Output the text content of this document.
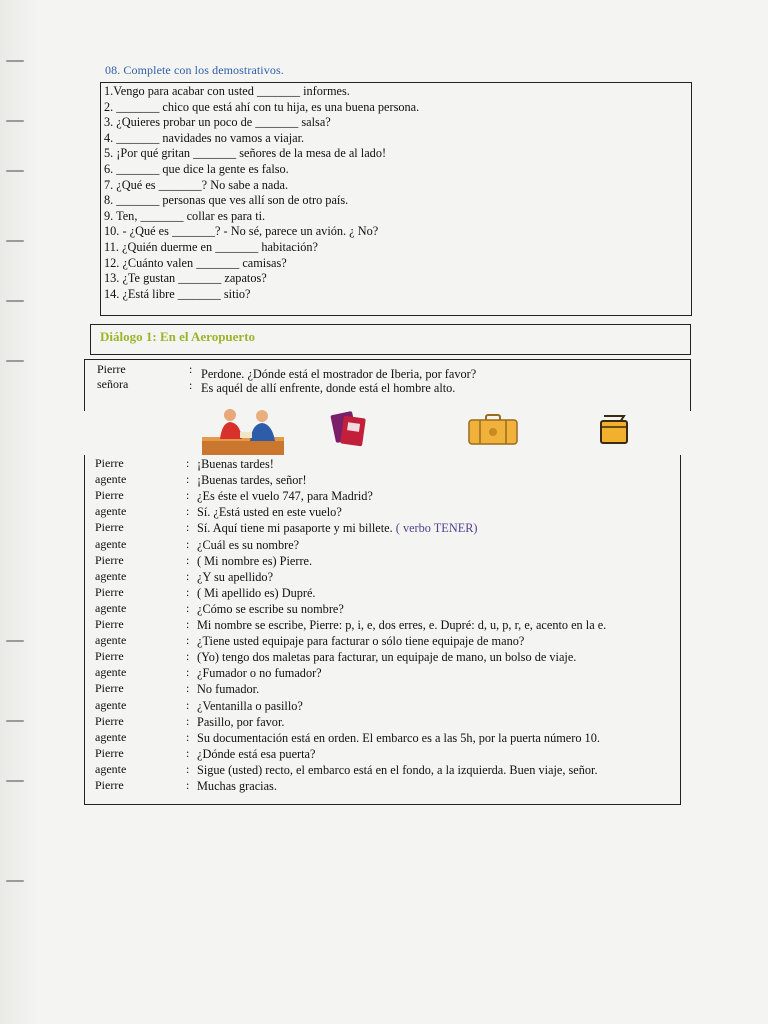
08. Complete con los demostrativos.
1.Vengo para acabar con usted _______ informes.
2. _______ chico que está ahí con tu hija, es una buena persona.
3. ¿Quieres probar un poco de _______ salsa?
4. _______ navidades no vamos a viajar.
5. ¡Por qué gritan _______ señores de la mesa de al lado!
6. _______ que dice la gente es falso.
7. ¿Qué es _______? No sabe a nada.
8. _______ personas que ves allí son de otro país.
9. Ten, _______ collar es para ti.
10. - ¿Qué es _______? - No sé, parece un avión. ¿ No?
11. ¿Quién duerme en _______ habitación?
12. ¿Cuánto valen _______ camisas?
13. ¿Te gustan _______ zapatos?
14. ¿Está libre _______ sitio?
Diálogo 1: En el Aeropuerto
Pierre	: Perdone. ¿Dónde está el mostrador de Iberia, por favor?
señora	: Es aquél de allí enfrente, donde está el hombre alto.
Pierre	: ¡Buenas tardes!
agente	: ¡Buenas tardes, señor!
Pierre	: ¿Es éste el vuelo 747, para Madrid?
agente	: Sí. ¿Está usted en este vuelo?
Pierre	: Sí. Aquí tiene mi pasaporte y mi billete. ( verbo TENER)
agente	: ¿Cuál es su nombre?
Pierre	: ( Mi nombre es) Pierre.
agente	: ¿Y su apellido?
Pierre	: ( Mi apellido es) Dupré.
agente	: ¿Cómo se escribe su nombre?
Pierre	: Mi nombre se escribe, Pierre: p, i, e, dos erres, e. Dupré: d, u, p, r, e, acento en la e.
agente	: ¿Tiene usted equipaje para facturar o sólo tiene equipaje de mano?
Pierre	: (Yo) tengo dos maletas para facturar, un equipaje de mano, un bolso de viaje.
agente	: ¿Fumador o no fumador?
Pierre	: No fumador.
agente	: ¿Ventanilla o pasillo?
Pierre	: Pasillo, por favor.
agente	: Su documentación está en orden. El embarco es a las 5h, por la puerta número 10.
Pierre	: ¿Dónde está esa puerta?
agente	: Sigue (usted) recto, el embarco está en el fondo, a la izquierda. Buen viaje, señor.
Pierre	: Muchas gracias.
